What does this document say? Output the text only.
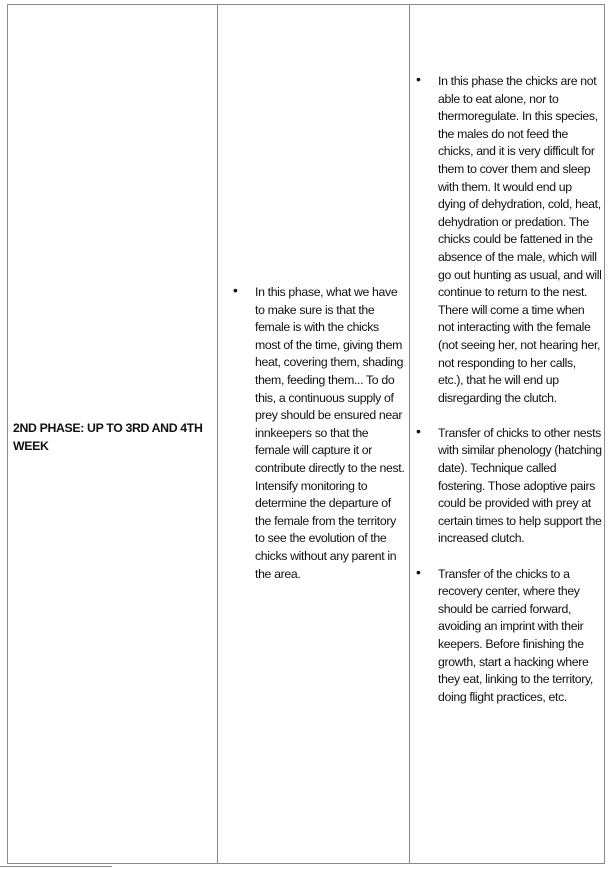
2ND PHASE: UP TO 3RD AND 4TH WEEK
• In this phase, what we have to make sure is that the female is with the chicks most of the time, giving them heat, covering them, shading them, feeding them... To do this, a continuous supply of prey should be ensured near innkeepers so that the female will capture it or contribute directly to the nest. Intensify monitoring to determine the departure of the female from the territory to see the evolution of the chicks without any parent in the area.
• In this phase the chicks are not able to eat alone, nor to thermoregulate. In this species, the males do not feed the chicks, and it is very difficult for them to cover them and sleep with them. It would end up dying of dehydration, cold, heat, dehydration or predation. The chicks could be fattened in the absence of the male, which will go out hunting as usual, and will continue to return to the nest. There will come a time when not interacting with the female (not seeing her, not hearing her, not responding to her calls, etc.), that he will end up disregarding the clutch.
• Transfer of chicks to other nests with similar phenology (hatching date). Technique called fostering. Those adoptive pairs could be provided with prey at certain times to help support the increased clutch.
• Transfer of the chicks to a recovery center, where they should be carried forward, avoiding an imprint with their keepers. Before finishing the growth, start a hacking where they eat, linking to the territory, doing flight practices, etc.
